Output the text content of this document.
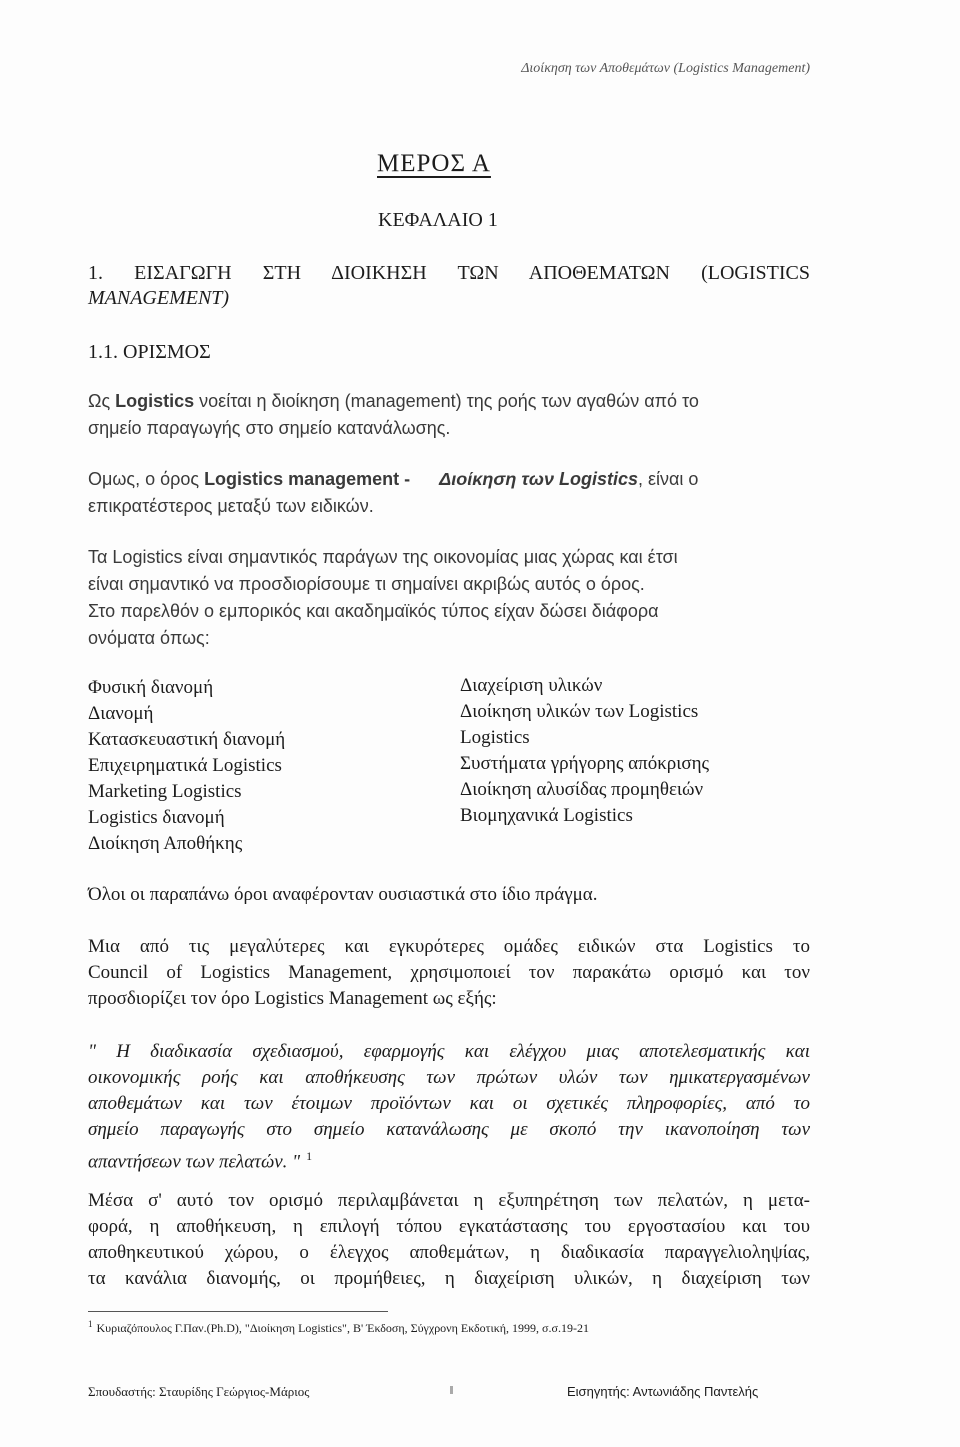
Διοίκηση των Αποθεμάτων (Logistics Management)
ΜΕΡΟΣ Α
ΚΕΦΑΛΑΙΟ 1
1. ΕΙΣΑΓΩΓΗ ΣΤΗ ΔΙΟΙΚΗΣΗ ΤΩΝ ΑΠΟΘΕΜΑΤΩΝ (LOGISTICS
MANAGEMENT)
1.1. ΟΡΙΣΜΟΣ
Ως Logistics νοείται η διοίκηση (management) της ροής των αγαθών από το
σημείο παραγωγής στο σημείο κατανάλωσης.
Ομως, ο όρος Logistics management - Διοίκηση των Logistics, είναι ο
επικρατέστερος μεταξύ των ειδικών.
Τα Logistics είναι σημαντικός παράγων της οικονομίας μιας χώρας και έτσι
είναι σημαντικό να προσδιορίσουμε τι σημαίνει ακριβώς αυτός ο όρος.
Στο παρελθόν ο εμπορικός και ακαδημαϊκός τύπος είχαν δώσει διάφορα
ονόματα όπως:
Φυσική διανομή
Διανομή
Κατασκευαστική διανομή
Επιχειρηματικά Logistics
Marketing Logistics
Logistics διανομή
Διοίκηση Αποθήκης
Διαχείριση υλικών
Διοίκηση υλικών των Logistics
Logistics
Συστήματα γρήγορης απόκρισης
Διοίκηση αλυσίδας προμηθειών
Βιομηχανικά Logistics
Όλοι οι παραπάνω όροι αναφέρονταν ουσιαστικά στο ίδιο πράγμα.
Μια από τις μεγαλύτερες και εγκυρότερες ομάδες ειδικών στα Logistics το
Council of Logistics Management, χρησιμοποιεί τον παρακάτω ορισμό και τον
προσδιορίζει τον όρο Logistics Management ως εξής:
" Η διαδικασία σχεδιασμού, εφαρμογής και ελέγχου μιας αποτελεσματικής και
οικονομικής ροής και αποθήκευσης των πρώτων υλών των ημικατεργασμένων
αποθεμάτων και των έτοιμων προϊόντων και οι σχετικές πληροφορίες, από το
σημείο παραγωγής στο σημείο κατανάλωσης με σκοπό την ικανοποίηση των
απαντήσεων των πελατών. " $^1$
Μέσα σ' αυτό τον ορισμό περιλαμβάνεται η εξυπηρέτηση των πελατών, η μετα-
φορά, η αποθήκευση, η επιλογή τόπου εγκατάστασης του εργοστασίου και του
αποθηκευτικού χώρου, ο έλεγχος αποθεμάτων, η διαδικασία παραγγελιοληψίας,
τα κανάλια διανομής, οι προμήθειες, η διαχείριση υλικών, η διαχείριση των
$^1$ Κυριαζόπουλος Γ.Παν.(Ph.D), "Διοίκηση Logistics", Β' Έκδοση, Σύγχρονη Εκδοτική, 1999, σ.σ.19-21
Σπουδαστής: Σταυρίδης Γεώργιος-Μάριος	Εισηγητής: Αντωνιάδης Παντελής
